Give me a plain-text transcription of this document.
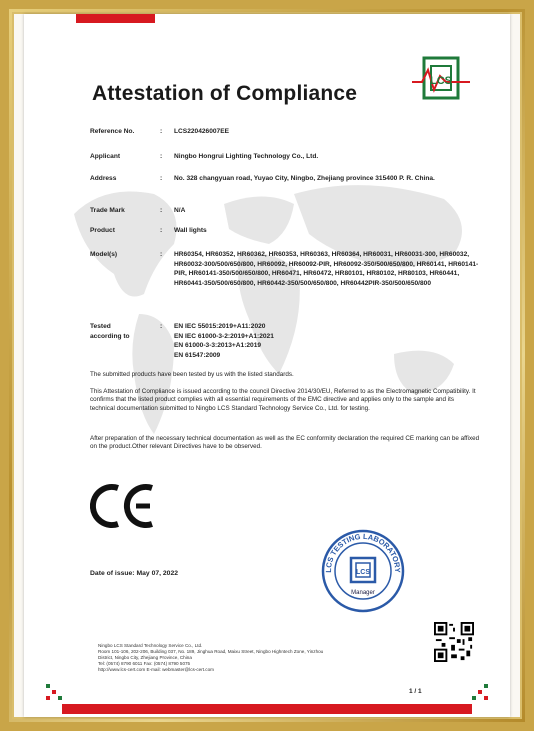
LCS
Attestation of Compliance
Reference No.	: LCS220426007EE
Applicant	: Ningbo Hongrui Lighting Technology Co., Ltd.
Address	: No. 328 changyuan road, Yuyao City, Ningbo, Zhejiang province 315400 P. R. China.
Trade Mark	: N/A
Product	: Wall lights
Model(s)	: HR60354, HR60352, HR60362, HR60353, HR60363, HR60364, HR60031, HR60031-300, HR60032, HR60032-300/500/650/800, HR60092, HR60092-PIR, HR60092-350/500/650/800, HR60141, HR60141-PIR, HR60141-350/500/650/800, HR60471, HR60472, HR80101, HR80102, HR80103, HR60441, HR60441-350/500/650/800, HR60442-350/500/650/800, HR60442PIR-350/500/650/800
Tested according to
: EN IEC 55015:2019+A11:2020
EN IEC 61000-3-2:2019+A1:2021
EN 61000-3-3:2013+A1:2019
EN 61547:2009
The submitted products have been tested by us with the listed standards.
This Attestation of Compliance is issued according to the council Directive 2014/30/EU, Referred to as the Electromagnetic Compatibility. It confirms that the listed product complies with all essential requirements of the EMC directive and applies only to the sample and its technical documentation submitted to Ningbo LCS Standard Technology Service Co., Ltd. for testing.
After preparation of the necessary technical documentation as well as the EC conformity declaration the required CE marking can be affixed on the product.Other relevant Directives have to be observed.
Date of issue: May 07, 2022	LCS TESTING LABORATORY
LCS
Manager
Ningbo LCS Standard Technology Service Co., Ltd.
Room 101-106, 202-206, Building 037, No. 189, Jinghua Road, Maixu Street, Ningbo Highntech Zone, Yinzhou
District, Ningbo City, Zhejiang Province, China
Tel: (0574) 8790 6011 Fax: (0574) 8790 5075
http://www.lcs-cert.com E-mail: webmaster@lcs-cert.com
1 / 1
